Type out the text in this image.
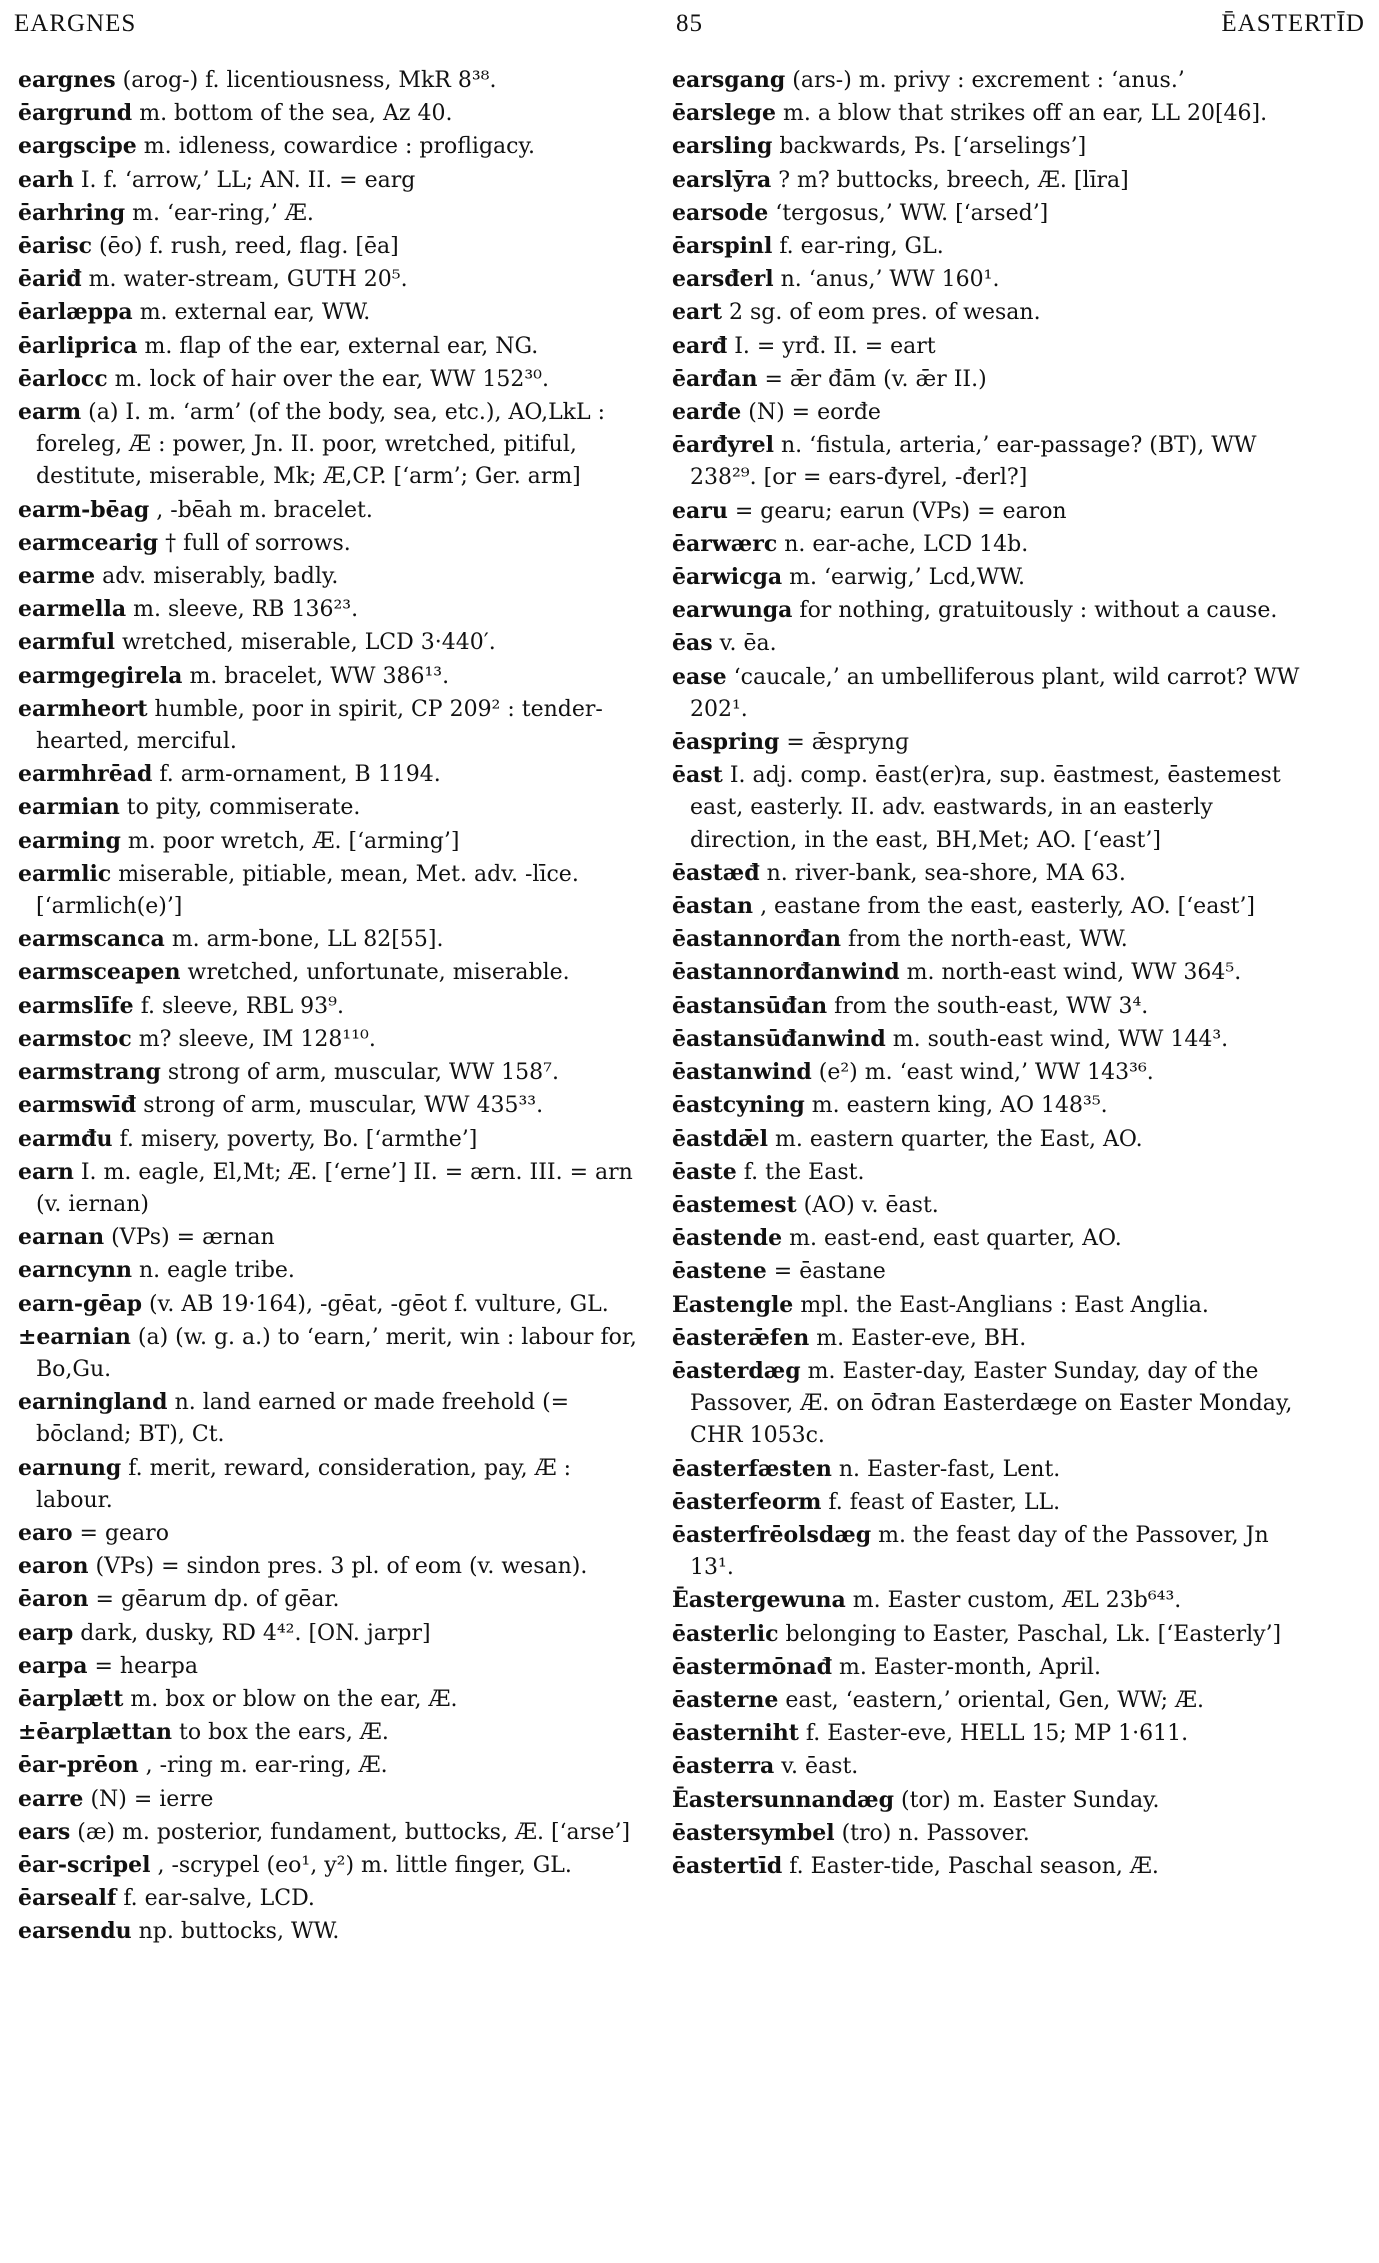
EARGNES	85	ĒASTERTĪD

eargnes (arog-) f. licentiousness, MkR 8³⁸.

ēargrund m. bottom of the sea, Az 40.

eargscipe m. idleness, cowardice : profligacy.

earh I. f. ‘arrow,’ LL; AN. II. = earg

ēarhring m. ‘ear-ring,’ Æ.

ēarisc (ēo) f. rush, reed, flag. [ēa]

ēariđ m. water-stream, GUTH 20⁵.

ēarlæppa m. external ear, WW.

ēarliprica m. flap of the ear, external ear, NG.

ēarlocc m. lock of hair over the ear, WW 152³⁰.

earm (a) I. m. ‘arm’ (of the body, sea, etc.), AO,LkL : foreleg, Æ : power, Jn. II. poor, wretched, pitiful, destitute, miserable, Mk; Æ,CP. [‘arm’; Ger. arm]

earm-bēag , -bēah m. bracelet.

earmcearig † full of sorrows.

earme adv. miserably, badly.

earmella m. sleeve, RB 136²³.

earmful wretched, miserable, LCD 3·440′.

earmgegirela m. bracelet, WW 386¹³.

earmheort humble, poor in spirit, CP 209² : tender-hearted, merciful.

earmhrēad f. arm-ornament, B 1194.

earmian to pity, commiserate.

earming m. poor wretch, Æ. [‘arming’]

earmlic miserable, pitiable, mean, Met. adv. -līce. [‘armlich(e)’]

earmscanca m. arm-bone, LL 82[55].

earmsceapen wretched, unfortunate, miserable.

earmslīfe f. sleeve, RBL 93⁹.

earmstoc m? sleeve, IM 128¹¹⁰.

earmstrang strong of arm, muscular, WW 158⁷.

earmswīđ strong of arm, muscular, WW 435³³.

earmđu f. misery, poverty, Bo. [‘armthe’]

earn I. m. eagle, El,Mt; Æ. [‘erne’] II. = ærn. III. = arn (v. iernan)

earnan (VPs) = ærnan

earncynn n. eagle tribe.

earn-gēap (v. AB 19·164), -gēat, -gēot f. vulture, GL.

±earnian (a) (w. g. a.) to ‘earn,’ merit, win : labour for, Bo,Gu.

earningland n. land earned or made freehold (= bōcland; BT), Ct.

earnung f. merit, reward, consideration, pay, Æ : labour.

earo = gearo

earon (VPs) = sindon pres. 3 pl. of eom (v. wesan).

ēaron = gēarum dp. of gēar.

earp dark, dusky, RD 4⁴². [ON. jarpr]

earpa = hearpa

ēarplætt m. box or blow on the ear, Æ.

±ēarplættan to box the ears, Æ.

ēar-prēon , -ring m. ear-ring, Æ.

earre (N) = ierre

ears (æ) m. posterior, fundament, buttocks, Æ. [‘arse’]

ēar-scripel , -scrypel (eo¹, y²) m. little finger, GL.

ēarsealf f. ear-salve, LCD.

earsendu np. buttocks, WW.

earsgang (ars-) m. privy : excrement : ‘anus.’

ēarslege m. a blow that strikes off an ear, LL 20[46].

earsling backwards, Ps. [‘arselings’]

earslȳra ? m? buttocks, breech, Æ. [līra]

earsode ‘tergosus,’ WW. [‘arsed’]

ēarspinl f. ear-ring, GL.

earsđerl n. ‘anus,’ WW 160¹.

eart 2 sg. of eom pres. of wesan.

earđ I. = yrđ. II. = eart

ēarđan = ǣr đām (v. ǣr II.)

earđe (N) = eorđe

ēarđyrel n. ‘fistula, arteria,’ ear-passage? (BT), WW 238²⁹. [or = ears-đyrel, -đerl?]

earu = gearu; earun (VPs) = earon

ēarwærc n. ear-ache, LCD 14b.

ēarwicga m. ‘earwig,’ Lcd,WW.

earwunga for nothing, gratuitously : without a cause.

ēas v. ēa.

ease ‘caucale,’ an umbelliferous plant, wild carrot? WW 202¹.

ēaspring = ǣsprynɡ

ēast I. adj. comp. ēast(er)ra, sup. ēastmest, ēastemest east, easterly. II. adv. eastwards, in an easterly direction, in the east, BH,Met; AO. [‘east’]

ēastæđ n. river-bank, sea-shore, MA 63.

ēastan , eastane from the east, easterly, AO. [‘east’]

ēastannorđan from the north-east, WW.

ēastannorđanwind m. north-east wind, WW 364⁵.

ēastansūđan from the south-east, WW 3⁴.

ēastansūđanwind m. south-east wind, WW 144³.

ēastanwind (e²) m. ‘east wind,’ WW 143³⁶.

ēastcyning m. eastern king, AO 148³⁵.

ēastdǣl m. eastern quarter, the East, AO.

ēaste f. the East.

ēastemest (AO) v. ēast.

ēastende m. east-end, east quarter, AO.

ēastene = ēastane

Eastengle mpl. the East-Anglians : East Anglia.

ēasterǣfen m. Easter-eve, BH.

ēasterdæg m. Easter-day, Easter Sunday, day of the Passover, Æ. on ōđran Easterdæge on Easter Monday, CHR 1053c.

ēasterfæsten n. Easter-fast, Lent.

ēasterfeorm f. feast of Easter, LL.

ēasterfrēolsdæg m. the feast day of the Passover, Jn 13¹.

Ēastergewuna m. Easter custom, ÆL 23b⁶⁴³.

ēasterlic belonging to Easter, Paschal, Lk. [‘Easterly’]

ēastermōnađ m. Easter-month, April.

ēasterne east, ‘eastern,’ oriental, Gen, WW; Æ.

ēasterniht f. Easter-eve, HELL 15; MP 1·611.

ēasterra v. ēast.

Ēastersunnandæg (tor) m. Easter Sunday.

ēastersymbel (tro) n. Passover.

ēastertīd f. Easter-tide, Paschal season, Æ.
